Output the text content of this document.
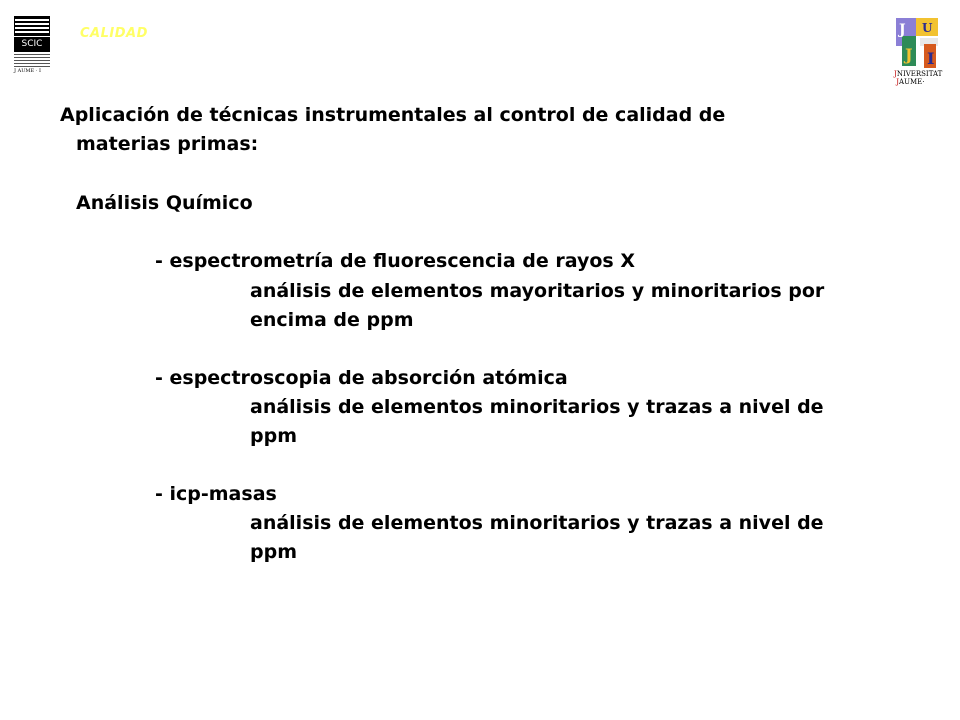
SCIC
J AUME · I
CALIDAD	J U
J I
JNIVERSITAT
JAUME·
Aplicación de técnicas instrumentales al control de calidad de
materias primas:
Análisis Químico
- espectrometría de fluorescencia de rayos X
análisis de elementos mayoritarios y minoritarios por
encima de ppm
- espectroscopia de absorción atómica
análisis de elementos minoritarios y trazas a nivel de
ppm
- icp-masas
análisis de elementos minoritarios y trazas a nivel de
ppm
